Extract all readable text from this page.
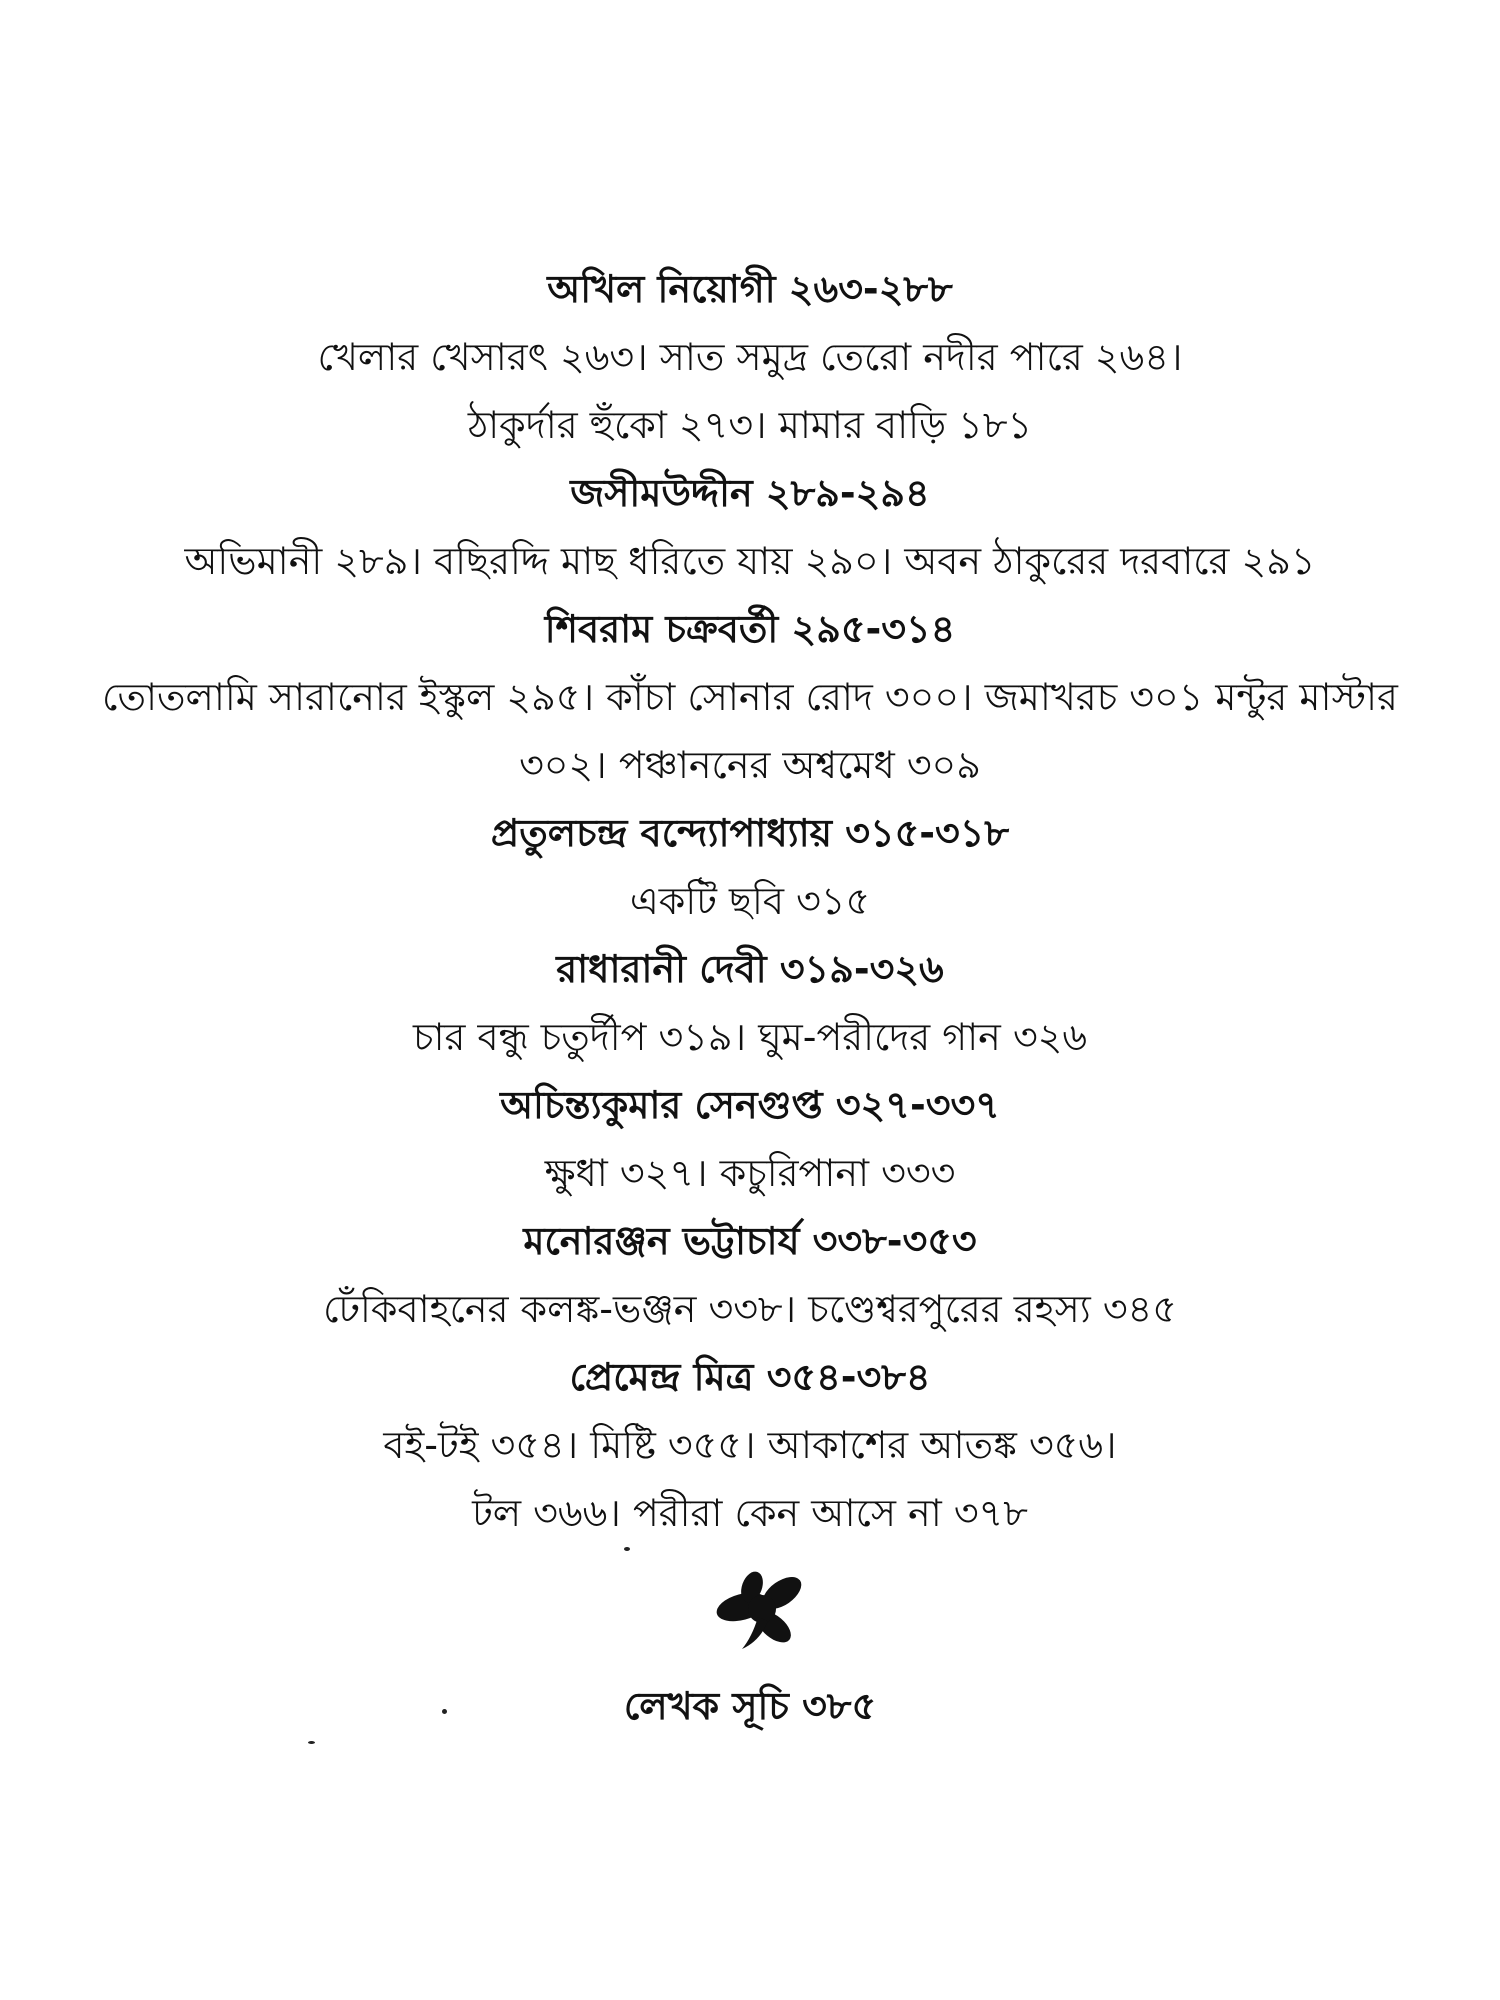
অখিল নিয়োগী ২৬৩-২৮৮
খেলার খেসারৎ ২৬৩। সাত সমুদ্র তেরো নদীর পারে ২৬৪।
ঠাকুর্দার হুঁকো ২৭৩। মামার বাড়ি ১৮১
জসীমউদ্দীন ২৮৯-২৯৪
অভিমানী ২৮৯। বছিরদ্দি মাছ ধরিতে যায় ২৯০। অবন ঠাকুরের দরবারে ২৯১
শিবরাম চক্রবর্তী ২৯৫-৩১৪
তোতলামি সারানোর ইস্কুল ২৯৫। কাঁচা সোনার রোদ ৩০০। জমাখরচ ৩০১ মন্টুর মাস্টার
৩০২। পঞ্চাননের অশ্বমেধ ৩০৯
প্রতুলচন্দ্র বন্দ্যোপাধ্যায় ৩১৫-৩১৮
একটি ছবি ৩১৫
রাধারানী দেবী ৩১৯-৩২৬
চার বন্ধু চতুর্দীপ ৩১৯। ঘুম-পরীদের গান ৩২৬
অচিন্ত্যকুমার সেনগুপ্ত ৩২৭-৩৩৭
ক্ষুধা ৩২৭। কচুরিপানা ৩৩৩
মনোরঞ্জন ভট্টাচার্য ৩৩৮-৩৫৩
ঢেঁকিবাহনের কলঙ্ক-ভঞ্জন ৩৩৮। চণ্ডেশ্বরপুরের রহস্য ৩৪৫
প্রেমেন্দ্র মিত্র ৩৫৪-৩৮৪
বই-টই ৩৫৪। মিষ্টি ৩৫৫। আকাশের আতঙ্ক ৩৫৬।
টল ৩৬৬। পরীরা কেন আসে না ৩৭৮
লেখক সূচি ৩৮৫
